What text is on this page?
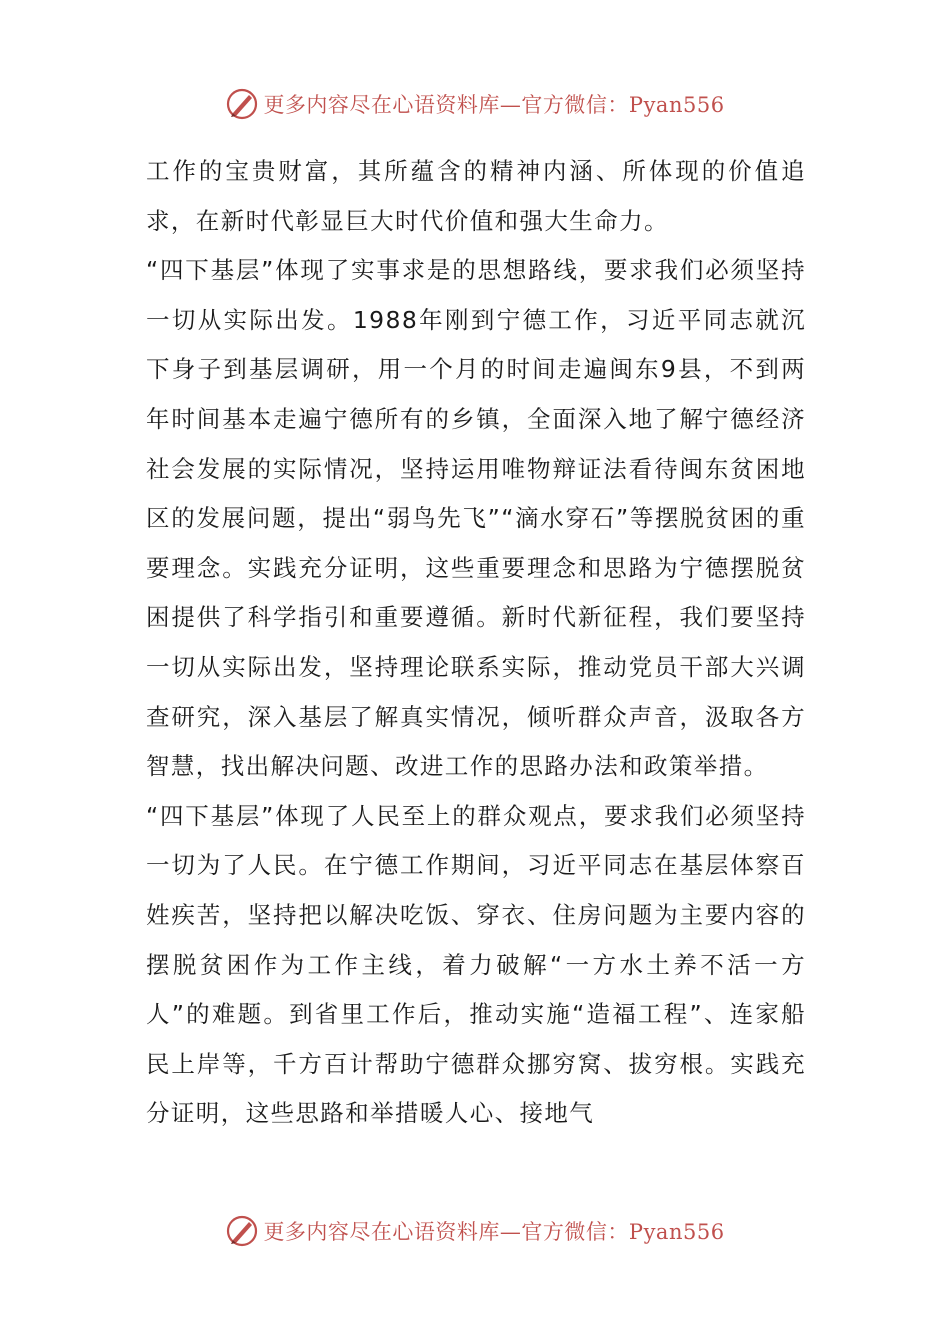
更多内容尽在心语资料库—官方微信：Pyan556

工作的宝贵财富，其所蕴含的精神内涵、所体现的价值追求，在新时代彰显巨大时代价值和强大生命力。

“四下基层”体现了实事求是的思想路线，要求我们必须坚持一切从实际出发。1988年刚到宁德工作，习近平同志就沉下身子到基层调研，用一个月的时间走遍闽东9县，不到两年时间基本走遍宁德所有的乡镇，全面深入地了解宁德经济社会发展的实际情况，坚持运用唯物辩证法看待闽东贫困地区的发展问题，提出“弱鸟先飞”“滴水穿石”等摆脱贫困的重要理念。实践充分证明，这些重要理念和思路为宁德摆脱贫困提供了科学指引和重要遵循。新时代新征程，我们要坚持一切从实际出发，坚持理论联系实际，推动党员干部大兴调查研究，深入基层了解真实情况，倾听群众声音，汲取各方智慧，找出解决问题、改进工作的思路办法和政策举措。

“四下基层”体现了人民至上的群众观点，要求我们必须坚持一切为了人民。在宁德工作期间，习近平同志在基层体察百姓疾苦，坚持把以解决吃饭、穿衣、住房问题为主要内容的摆脱贫困作为工作主线，着力破解“一方水土养不活一方人”的难题。到省里工作后，推动实施“造福工程”、连家船民上岸等，千方百计帮助宁德群众挪穷窝、拔穷根。实践充分证明，这些思路和举措暖人心、接地气

更多内容尽在心语资料库—官方微信：Pyan556
